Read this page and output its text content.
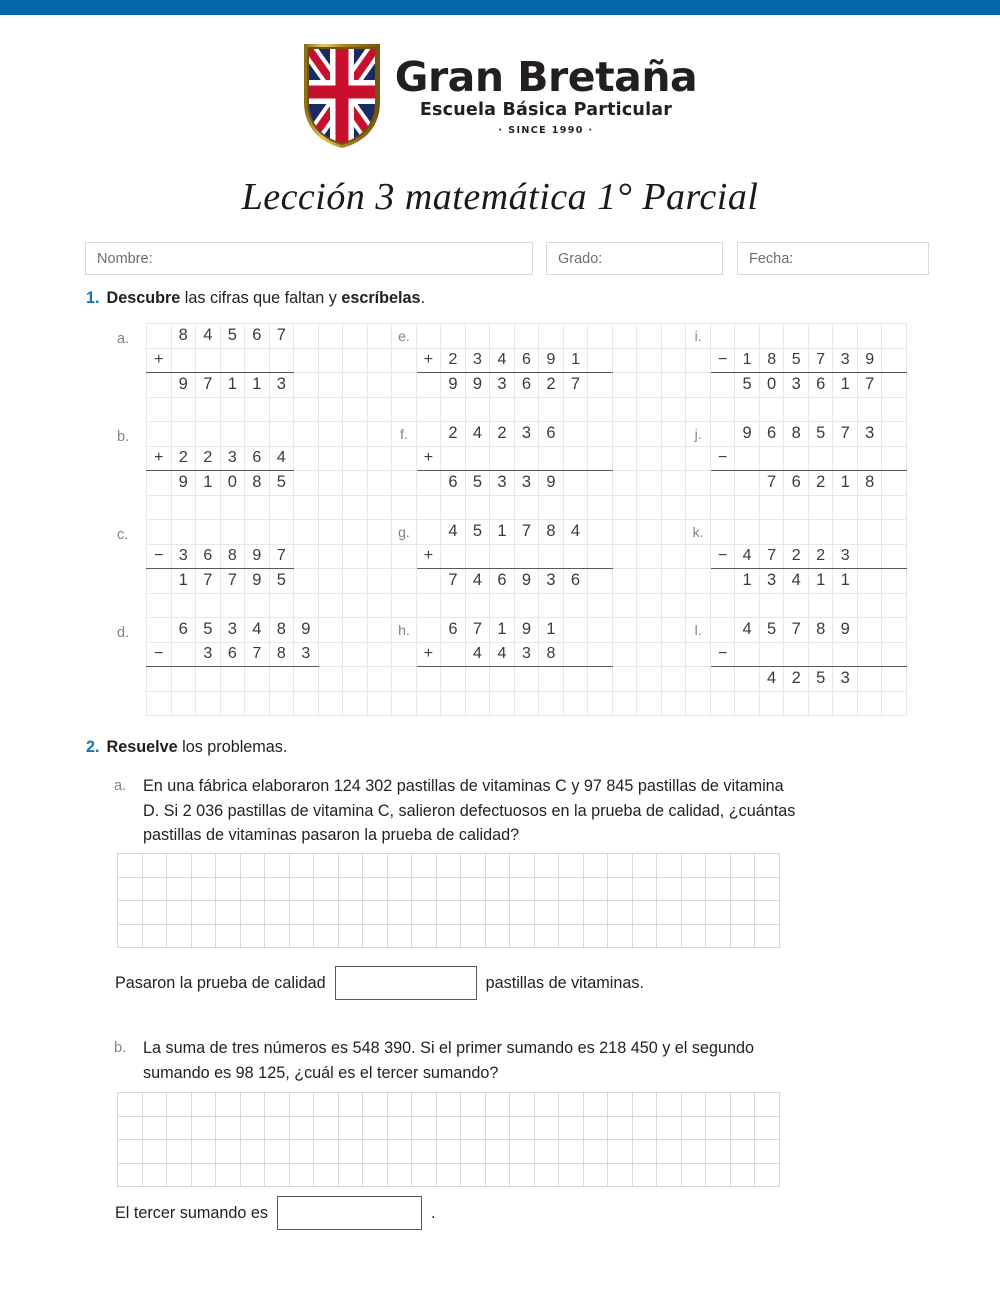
Gran Bretaña
Escuela Básica Particular
· SINCE 1990 ·
Lección 3 matemática 1° Parcial
Nombre:	Grado:	Fecha:
1. Descubre las cifras que faltan y escríbelas.
a.
b.
c.
d.
	8	4	5	6	7					e.												i.								
+											+	2	3	4	6	9	1						−	1	8	5	7	3	9	
	9	7	1	1	3							9	9	3	6	2	7							5	0	3	6	1	7	

										f.		2	4	2	3	6						j.		9	6	8	5	7	3	
+	2	2	3	6	4						+												−							
	9	1	0	8	5							6	5	3	3	9									7	6	2	1	8	

										g.		4	5	1	7	8	4					k.								
−	3	6	8	9	7						+												−	4	7	2	2	3		
	1	7	7	9	5							7	4	6	9	3	6							1	3	4	1	1		

	6	5	3	4	8	9				h.		6	7	1	9	1						l.		4	5	7	8	9		
−		3	6	7	8	3					+		4	4	3	8							−							
																									4	2	5	3		

2. Resuelve los problemas.
a. En una fábrica elaboraron 124 302 pastillas de vitaminas C y 97 845 pastillas de vitamina D. Si 2 036 pastillas de vitamina C, salieron defectuosos en la prueba de calidad, ¿cuántas pastillas de vitaminas pasaron la prueba de calidad?

Pasaron la prueba de calidad	pastillas de vitaminas.
b. La suma de tres números es 548 390. Si el primer sumando es 218 450 y el segundo sumando es 98 125, ¿cuál es el tercer sumando?

El tercer sumando es	.
